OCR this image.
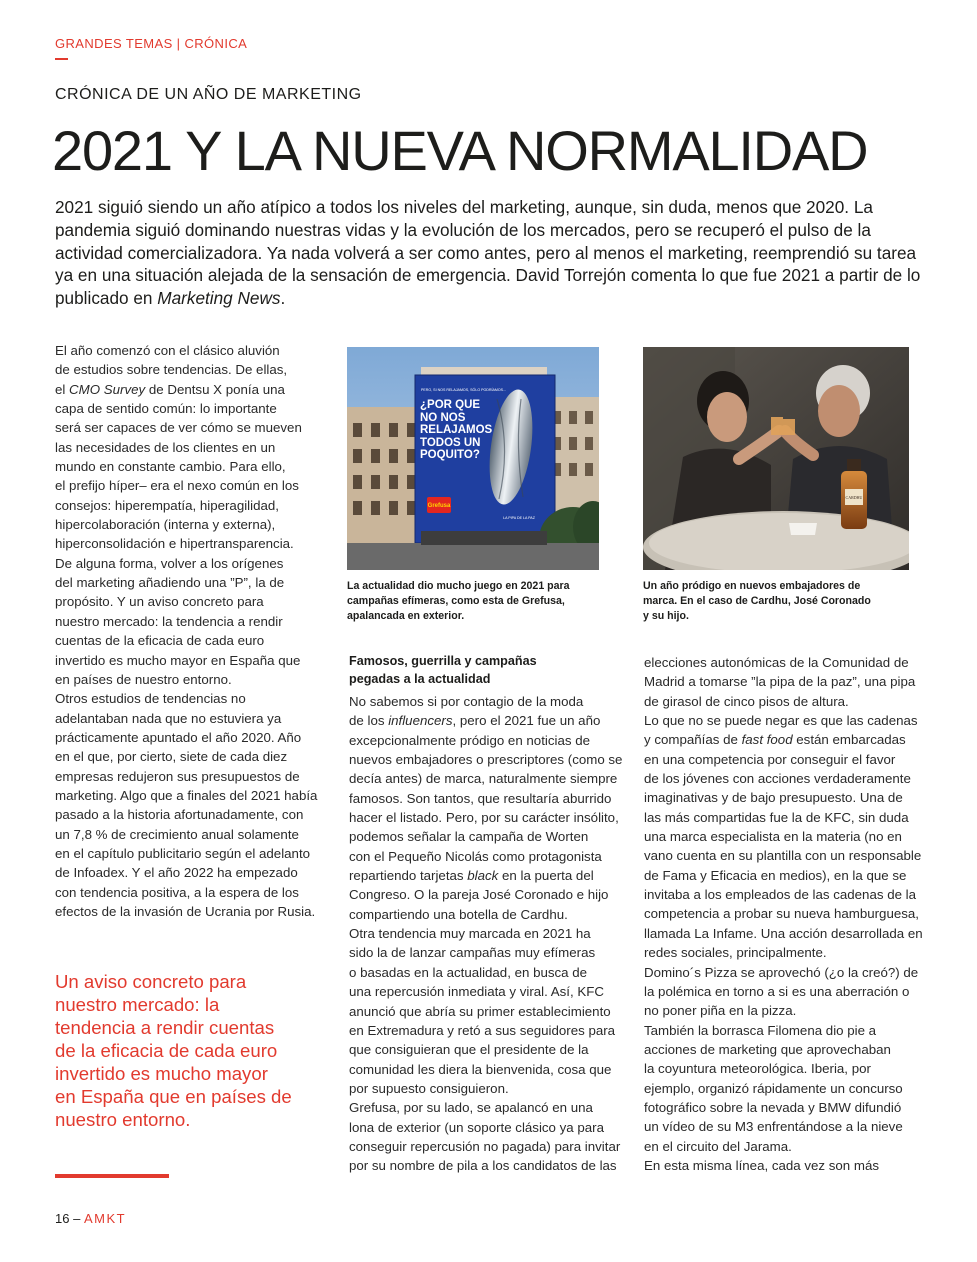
GRANDES TEMAS | CRÓNICA
CRÓNICA DE UN AÑO DE MARKETING
2021 Y LA NUEVA NORMALIDAD

2021 siguió siendo un año atípico a todos los niveles del marketing, aunque, sin duda, menos que 2020. La pandemia siguió dominando nuestras vidas y la evolución de los mercados, pero se recuperó el pulso de la actividad comercializadora. Ya nada volverá a ser como antes, pero al menos el marketing, reemprendió su tarea ya en una situación alejada de la sensación de emergencia. David Torrejón comenta lo que fue 2021 a partir de lo publicado en Marketing News.

El año comenzó con el clásico aluvión
de estudios sobre tendencias. De ellas,
el CMO Survey de Dentsu X ponía una
capa de sentido común: lo importante
será ser capaces de ver cómo se mueven
las necesidades de los clientes en un
mundo en constante cambio. Para ello,
el prefijo híper– era el nexo común en los
consejos: hiperempatía, hiperagilidad,
hipercolaboración (interna y externa),
hiperconsolidación e hipertransparencia.
De alguna forma, volver a los orígenes
del marketing añadiendo una ”P”, la de
propósito. Y un aviso concreto para
nuestro mercado: la tendencia a rendir
cuentas de la eficacia de cada euro
invertido es mucho mayor en España que
en países de nuestro entorno.
Otros estudios de tendencias no
adelantaban nada que no estuviera ya
prácticamente apuntado el año 2020. Año
en el que, por cierto, siete de cada diez
empresas redujeron sus presupuestos de
marketing. Algo que a finales del 2021 había
pasado a la historia afortunadamente, con
un 7,8 % de crecimiento anual solamente
en el capítulo publicitario según el adelanto
de Infoadex. Y el año 2022 ha empezado
con tendencia positiva, a la espera de los
efectos de la invasión de Ucrania por Rusia.
Un aviso concreto para
nuestro mercado: la
tendencia a rendir cuentas
de la eficacia de cada euro
invertido es mucho mayor
en España que en países de
nuestro entorno.
PERO, SI NOS RELAJAMOS, SÓLO PODRÍAMOS...
¿POR QUÉ NO NOS RELAJAMOS TODOS UN POQUITO?
Grefusa
LA PIPA DE LA PAZ
La actualidad dio mucho juego en 2021 para
campañas efímeras, como esta de Grefusa,
apalancada en exterior.
CARDHU
Un año pródigo en nuevos embajadores de
marca. En el caso de Cardhu, José Coronado
y su hijo.
Famosos, guerrilla y campañas
pegadas a la actualidad
No sabemos si por contagio de la moda
de los influencers, pero el 2021 fue un año
excepcionalmente pródigo en noticias de
nuevos embajadores o prescriptores (como se
decía antes) de marca, naturalmente siempre
famosos. Son tantos, que resultaría aburrido
hacer el listado. Pero, por su carácter insólito,
podemos señalar la campaña de Worten
con el Pequeño Nicolás como protagonista
repartiendo tarjetas black en la puerta del
Congreso. O la pareja José Coronado e hijo
compartiendo una botella de Cardhu.
Otra tendencia muy marcada en 2021 ha
sido la de lanzar campañas muy efímeras
o basadas en la actualidad, en busca de
una repercusión inmediata y viral. Así, KFC
anunció que abría su primer establecimiento
en Extremadura y retó a sus seguidores para
que consiguieran que el presidente de la
comunidad les diera la bienvenida, cosa que
por supuesto consiguieron.
Grefusa, por su lado, se apalancó en una
lona de exterior (un soporte clásico ya para
conseguir repercusión no pagada) para invitar
por su nombre de pila a los candidatos de las
elecciones autonómicas de la Comunidad de
Madrid a tomarse ”la pipa de la paz”, una pipa
de girasol de cinco pisos de altura.
Lo que no se puede negar es que las cadenas
y compañías de fast food están embarcadas
en una competencia por conseguir el favor
de los jóvenes con acciones verdaderamente
imaginativas y de bajo presupuesto. Una de
las más compartidas fue la de KFC, sin duda
una marca especialista en la materia (no en
vano cuenta en su plantilla con un responsable
de Fama y Eficacia en medios), en la que se
invitaba a los empleados de las cadenas de la
competencia a probar su nueva hamburguesa,
llamada La Infame. Una acción desarrollada en
redes sociales, principalmente.
Domino´s Pizza se aprovechó (¿o la creó?) de
la polémica en torno a si es una aberración o
no poner piña en la pizza.
También la borrasca Filomena dio pie a
acciones de marketing que aprovechaban
la coyuntura meteorológica. Iberia, por
ejemplo, organizó rápidamente un concurso
fotográfico sobre la nevada y BMW difundió
un vídeo de su M3 enfrentándose a la nieve
en el circuito del Jarama.
En esta misma línea, cada vez son más
16 – AMKT
